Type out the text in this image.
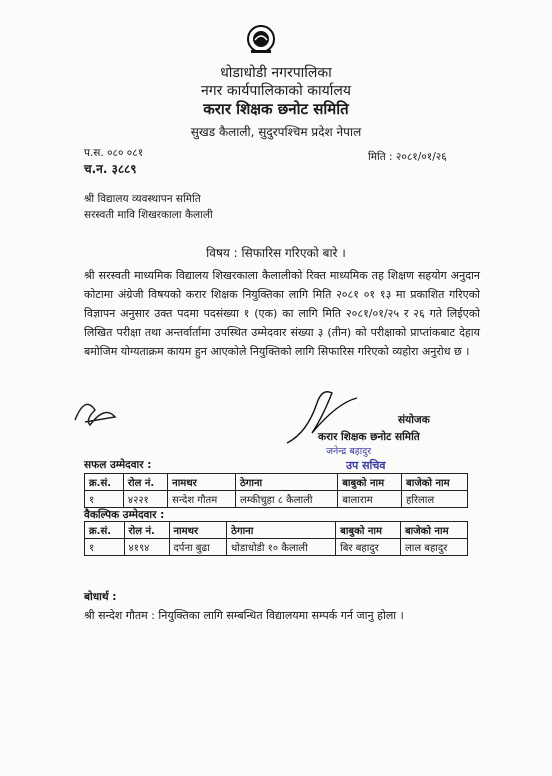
धोडाधोडी नगरपालिका
नगर कार्यपालिकाको कार्यालय
करार शिक्षक छनोट समिति
सुखड कैलाली, सुदुरपश्चिम प्रदेश नेपाल
प.स. ०८० ०८१
च.न. ३८८९
मिति : २०८१/०१/२६
श्री विद्यालय व्यवस्थापन समिति
सरस्वती मावि शिखरकाला कैलाली
विषय : सिफारिस गरिएको बारे ।
श्री सरस्वती माध्यमिक विद्यालय शिखरकाला कैलालीको रिक्त माध्यमिक तह शिक्षण सहयोग अनुदान कोटामा अंग्रेजी विषयको करार शिक्षक नियुक्तिका लागि मिति २०८१ ०१ १३ मा प्रकाशित गरिएको विज्ञापन अनुसार उक्त पदमा पदसंख्या १ (एक) का लागि मिति २०८१/०१/२५ र २६ गते लिईएको लिखित परीक्षा तथा अन्तर्वार्तामा उपस्थित उम्मेदवार संख्या ३ (तीन) को परीक्षाको प्राप्तांकबाट देहाय बमोजिम योग्यताक्रम कायम हुन आएकोले नियुक्तिको लागि सिफारिस गरिएको व्यहोरा अनुरोध छ ।
संयोजक
करार शिक्षक छनोट समिति
जनेन्द्र बहादुर
उप सचिव
सफल उम्मेदवार :
क्र.सं.	रोल नं.	नामथर	ठेगाना	बाबुको नाम	बाजेको नाम
१	४२२१	सन्देश गौतम	लम्कीचुहा ८ कैलाली	बालाराम	हरिलाल
वैकल्पिक उम्मेदवार :
क्र.सं.	रोल नं.	नामथर	ठेगाना	बाबुको नाम	बाजेको नाम
१	४१९४	दर्पना बुढा	धोडाधोडी १० कैलाली	बिर बहादुर	लाल बहादुर
बोधार्थ :
श्री सन्देश गौतम : नियुक्तिका लागि सम्बन्धित विद्यालयमा सम्पर्क गर्न जानु होला ।
